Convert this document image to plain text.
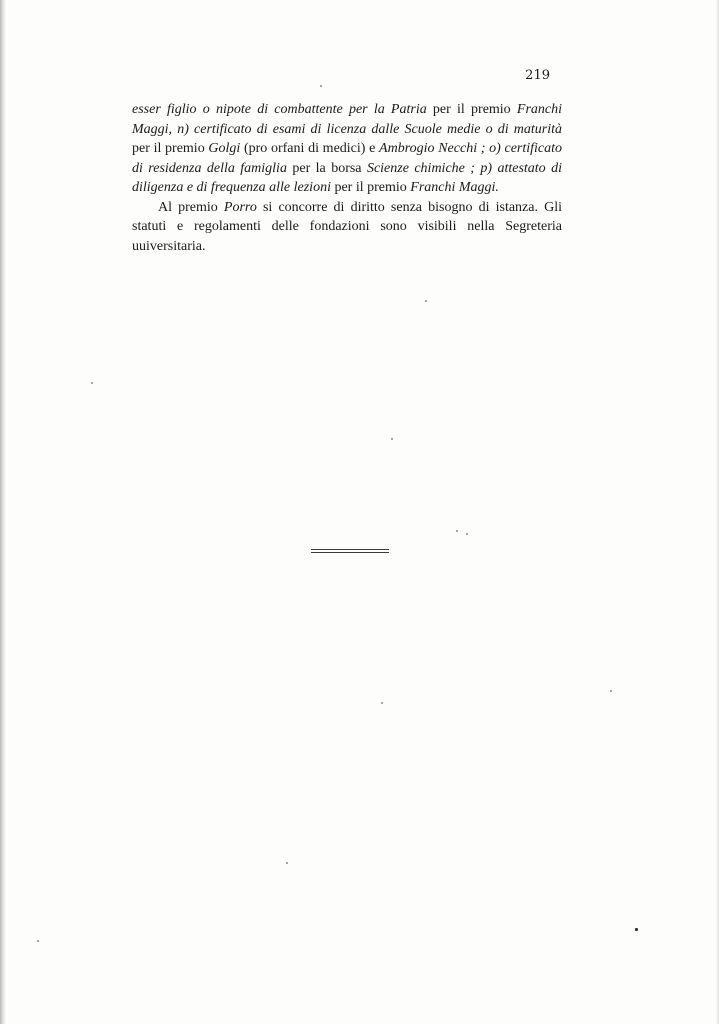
219

esser figlio o nipote di combattente per la Patria per il premio Franchi Maggi, n) certificato di esami di licenza dalle Scuole medie o di maturità per il premio Golgi (pro orfani di medici) e Ambrogio Necchi ; o) certificato di residenza della famiglia per la borsa Scienze chimiche ; p) attestato di diligenza e di frequenza alle lezioni per il premio Franchi Maggi.

Al premio Porro si concorre di diritto senza bisogno di istanza. Gli statuti e regolamenti delle fondazioni sono visibili nella Segreteria uuiversitaria.
